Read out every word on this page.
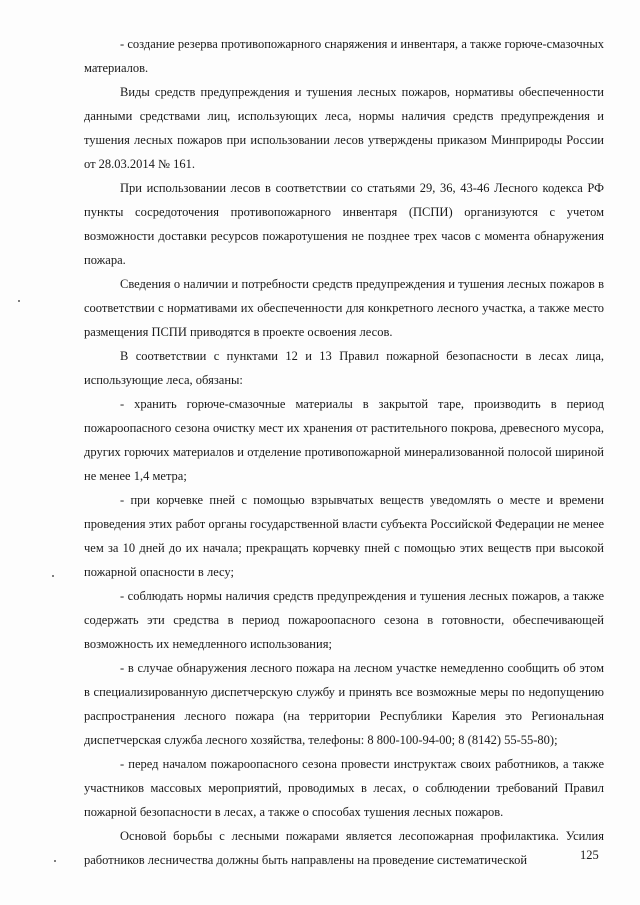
- создание резерва противопожарного снаряжения и инвентаря, а также горюче-смазочных материалов.

Виды средств предупреждения и тушения лесных пожаров, нормативы обеспеченности данными средствами лиц, использующих леса, нормы наличия средств предупреждения и тушения лесных пожаров при использовании лесов утверждены приказом Минприроды России от 28.03.2014 № 161.

При использовании лесов в соответствии со статьями 29, 36, 43-46 Лесного кодекса РФ пункты сосредоточения противопожарного инвентаря (ПСПИ) организуются с учетом возможности доставки ресурсов пожаротушения не позднее трех часов с момента обнаружения пожара.

Сведения о наличии и потребности средств предупреждения и тушения лесных пожаров в соответствии с нормативами их обеспеченности для конкретного лесного участка, а также место размещения ПСПИ приводятся в проекте освоения лесов.

В соответствии с пунктами 12 и 13 Правил пожарной безопасности в лесах лица, использующие леса, обязаны:

- хранить горюче-смазочные материалы в закрытой таре, производить в период пожароопасного сезона очистку мест их хранения от растительного покрова, древесного мусора, других горючих материалов и отделение противопожарной минерализованной полосой шириной не менее 1,4 метра;

- при корчевке пней с помощью взрывчатых веществ уведомлять о месте и времени проведения этих работ органы государственной власти субъекта Российской Федерации не менее чем за 10 дней до их начала; прекращать корчевку пней с помощью этих веществ при высокой пожарной опасности в лесу;

- соблюдать нормы наличия средств предупреждения и тушения лесных пожаров, а также содержать эти средства в период пожароопасного сезона в готовности, обеспечивающей возможность их немедленного использования;

- в случае обнаружения лесного пожара на лесном участке немедленно сообщить об этом в специализированную диспетчерскую службу и принять все возможные меры по недопущению распространения лесного пожара (на территории Республики Карелия это Региональная диспетчерская служба лесного хозяйства, телефоны: 8 800-100-94-00; 8 (8142) 55-55-80);

- перед началом пожароопасного сезона провести инструктаж своих работников, а также участников массовых мероприятий, проводимых в лесах, о соблюдении требований Правил пожарной безопасности в лесах, а также о способах тушения лесных пожаров.

Основой борьбы с лесными пожарами является лесопожарная профилактика. Усилия работников лесничества должны быть направлены на проведение систематической	125
